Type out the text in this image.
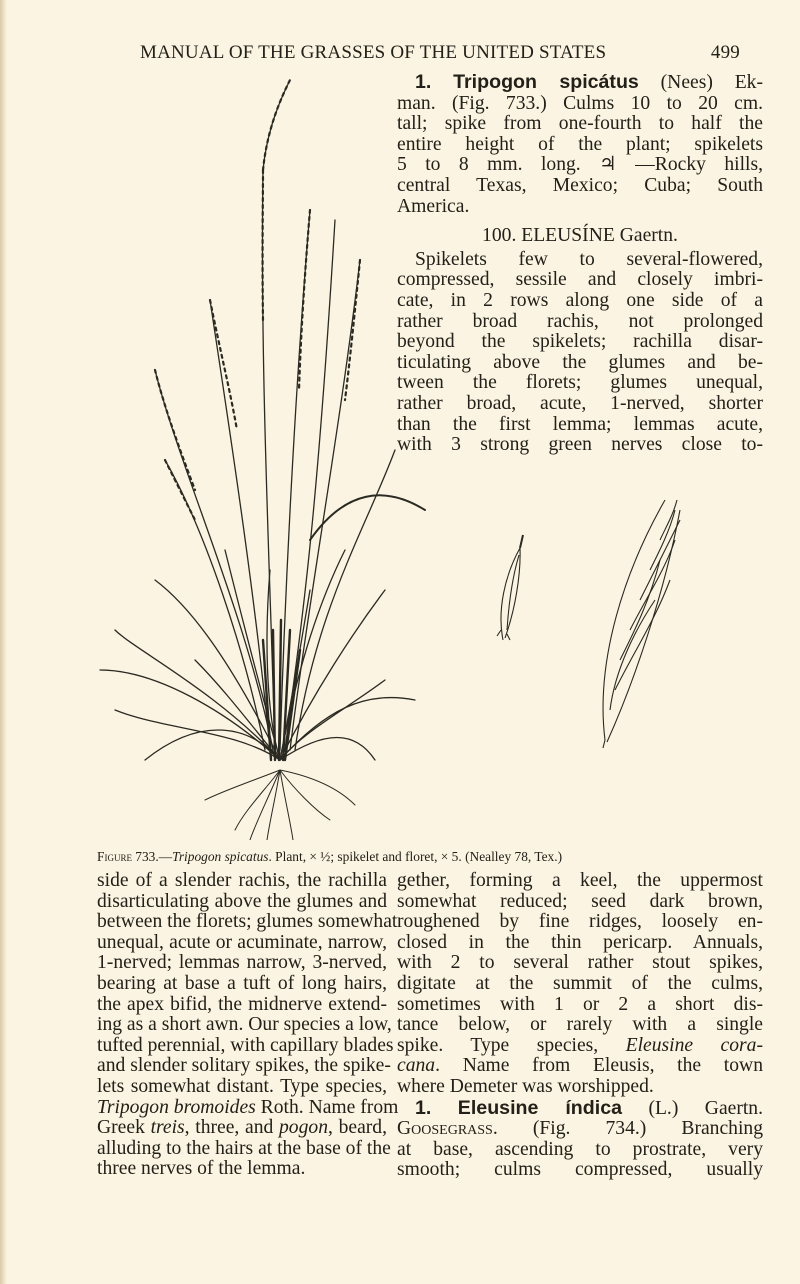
MANUAL OF THE GRASSES OF THE UNITED STATES	499
1. Tripogon spicátus (Nees) Ek-
man. (Fig. 733.) Culms 10 to 20 cm.
tall; spike from one-fourth to half the
entire height of the plant; spikelets
5 to 8 mm. long. ♃ —Rocky hills,
central Texas, Mexico; Cuba; South
America.

100. ELEUSÍNE Gaertn.

Spikelets few to several-flowered,
compressed, sessile and closely imbri-
cate, in 2 rows along one side of a
rather broad rachis, not prolonged
beyond the spikelets; rachilla disar-
ticulating above the glumes and be-
tween the florets; glumes unequal,
rather broad, acute, 1-nerved, shorter
than the first lemma; lemmas acute,
with 3 strong green nerves close to-
Figure 733.—Tripogon spicatus. Plant, × ½; spikelet and floret, × 5. (Nealley 78, Tex.)
side of a slender rachis, the rachilla
disarticulating above the glumes and
between the florets; glumes somewhat
unequal, acute or acuminate, narrow,
1-nerved; lemmas narrow, 3-nerved,
bearing at base a tuft of long hairs,
the apex bifid, the midnerve extend-
ing as a short awn. Our species a low,
tufted perennial, with capillary blades
and slender solitary spikes, the spike-
lets somewhat distant. Type species,
Tripogon bromoides Roth. Name from
Greek treis, three, and pogon, beard,
alluding to the hairs at the base of the
three nerves of the lemma.
gether, forming a keel, the uppermost
somewhat reduced; seed dark brown,
roughened by fine ridges, loosely en-
closed in the thin pericarp. Annuals,
with 2 to several rather stout spikes,
digitate at the summit of the culms,
sometimes with 1 or 2 a short dis-
tance below, or rarely with a single
spike. Type species, Eleusine cora-
cana. Name from Eleusis, the town
where Demeter was worshipped.
1. Eleusine índica (L.) Gaertn.
Goosegrass. (Fig. 734.) Branching
at base, ascending to prostrate, very
smooth; culms compressed, usually
